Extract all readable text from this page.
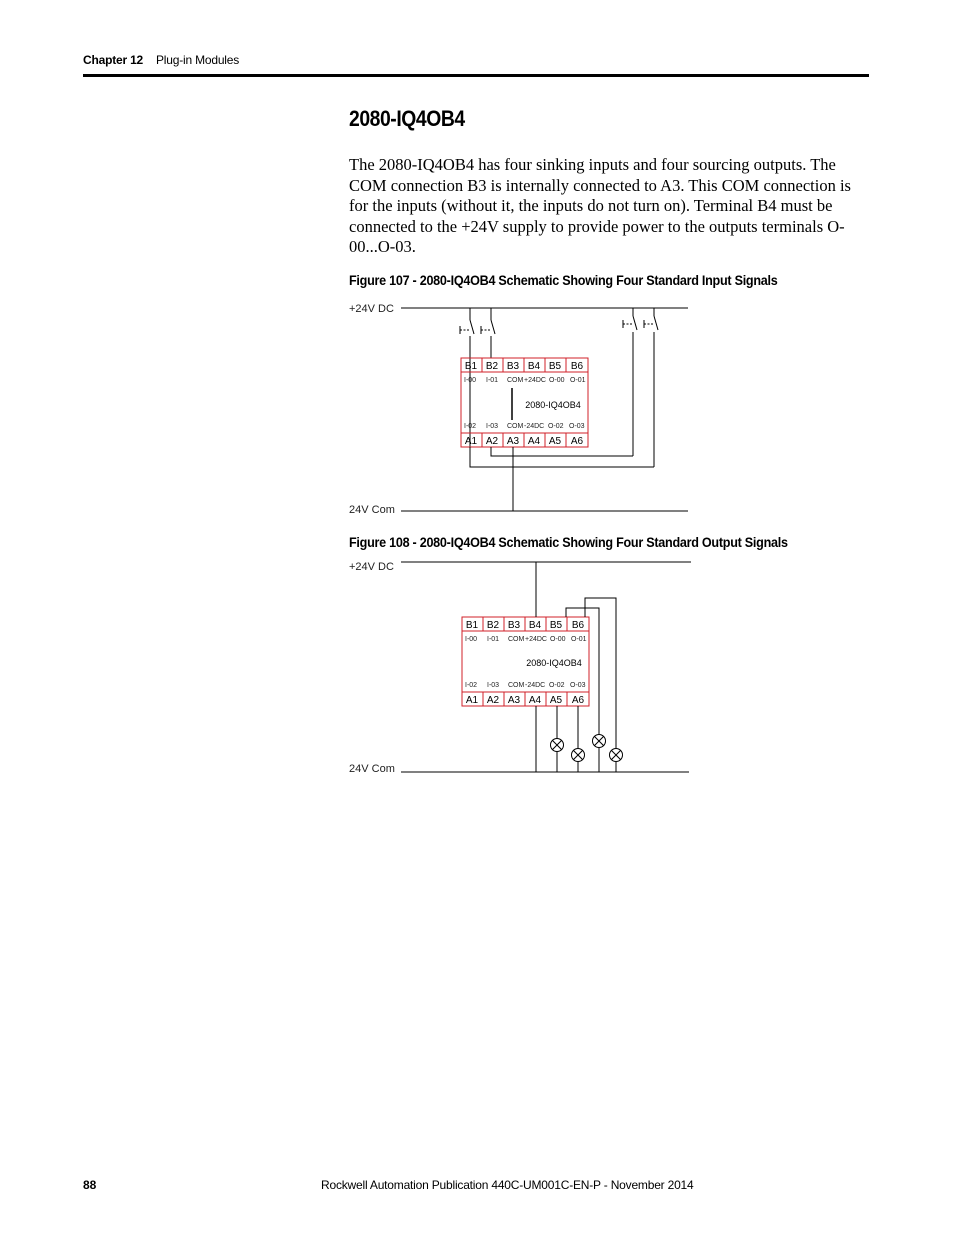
Chapter 12 Plug-in Modules
2080-IQ4OB4

The 2080-IQ4OB4 has four sinking inputs and four sourcing outputs. The COM connection B3 is internally connected to A3. This COM connection is for the inputs (without it, the inputs do not turn on). Terminal B4 must be connected to the +24V supply to provide power to the outputs terminals O-00...O-03.

Figure 107 - 2080-IQ4OB4 Schematic Showing Four Standard Input Signals
+24V DC
24V Com
B1 B2 B3 B4 B5 B6
A1 A2 A3 A4 A5 A6
I-00 I-01 COM +24DC O-00 O-01
I-02 I-03 COM -24DC O-02 O-03
2080-IQ4OB4
Figure 108 - 2080-IQ4OB4 Schematic Showing Four Standard Output Signals
+24V DC
24V Com
B1 B2 B3 B4 B5 B6
A1 A2 A3 A4 A5 A6
I-00 I-01 COM +24DC O-00 O-01
I-02 I-03 COM -24DC O-02 O-03
2080-IQ4OB4
88	Rockwell Automation Publication 440C-UM001C-EN-P - November 2014
